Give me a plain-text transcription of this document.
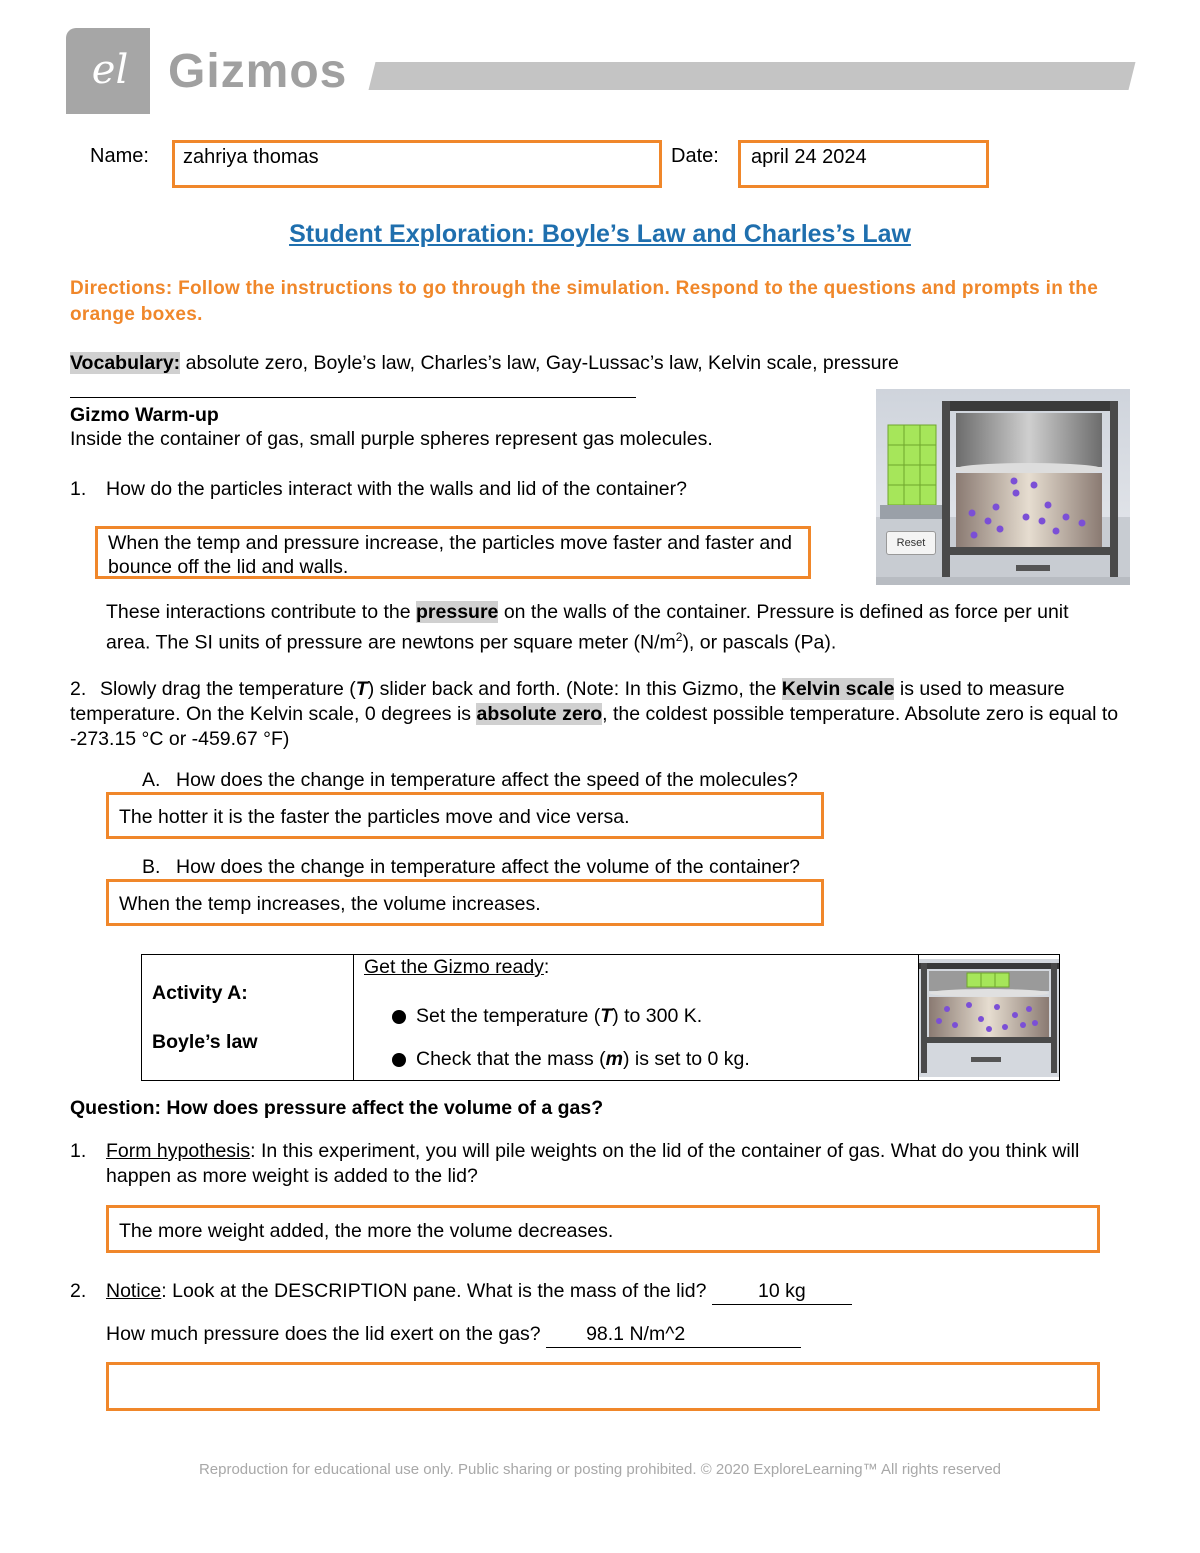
el Gizmos
Name:	zahriya thomas	Date:	april 24 2024
Student Exploration: Boyle’s Law and Charles’s Law
Directions: Follow the instructions to go through the simulation. Respond to the questions and prompts in the orange boxes.
Vocabulary: absolute zero, Boyle’s law, Charles’s law, Gay-Lussac’s law, Kelvin scale, pressure
Gizmo Warm-up
Inside the container of gas, small purple spheres represent gas molecules.
1. How do the particles interact with the walls and lid of the container?
When the temp and pressure increase, the particles move faster and faster and bounce off the lid and walls.
These interactions contribute to the pressure on the walls of the container. Pressure is defined as force per unit area. The SI units of pressure are newtons per square meter $(N/m^2)$, or pascals (Pa).
2. Slowly drag the temperature (T) slider back and forth. (Note: In this Gizmo, the Kelvin scale is used to measure temperature. On the Kelvin scale, 0 degrees is absolute zero, the coldest possible temperature. Absolute zero is equal to -273.15 °C or -459.67 °F)
A. How does the change in temperature affect the speed of the molecules?
The hotter it is the faster the particles move and vice versa.
B. How does the change in temperature affect the volume of the container?
When the temp increases, the volume increases.
Reset
Activity A:
Boyle’s law

Get the Gizmo ready:
Set the temperature (T) to 300 K.
Check that the mass (m) is set to 0 kg.

Question: How does pressure affect the volume of a gas?
1. Form hypothesis: In this experiment, you will pile weights on the lid of the container of gas. What do you think will happen as more weight is added to the lid?
The more weight added, the more the volume decreases.
2. Notice: Look at the DESCRIPTION pane. What is the mass of the lid?	10 kg
How much pressure does the lid exert on the gas? 98.1 N/m^2
Reproduction for educational use only. Public sharing or posting prohibited. © 2020 ExploreLearning™ All rights reserved
